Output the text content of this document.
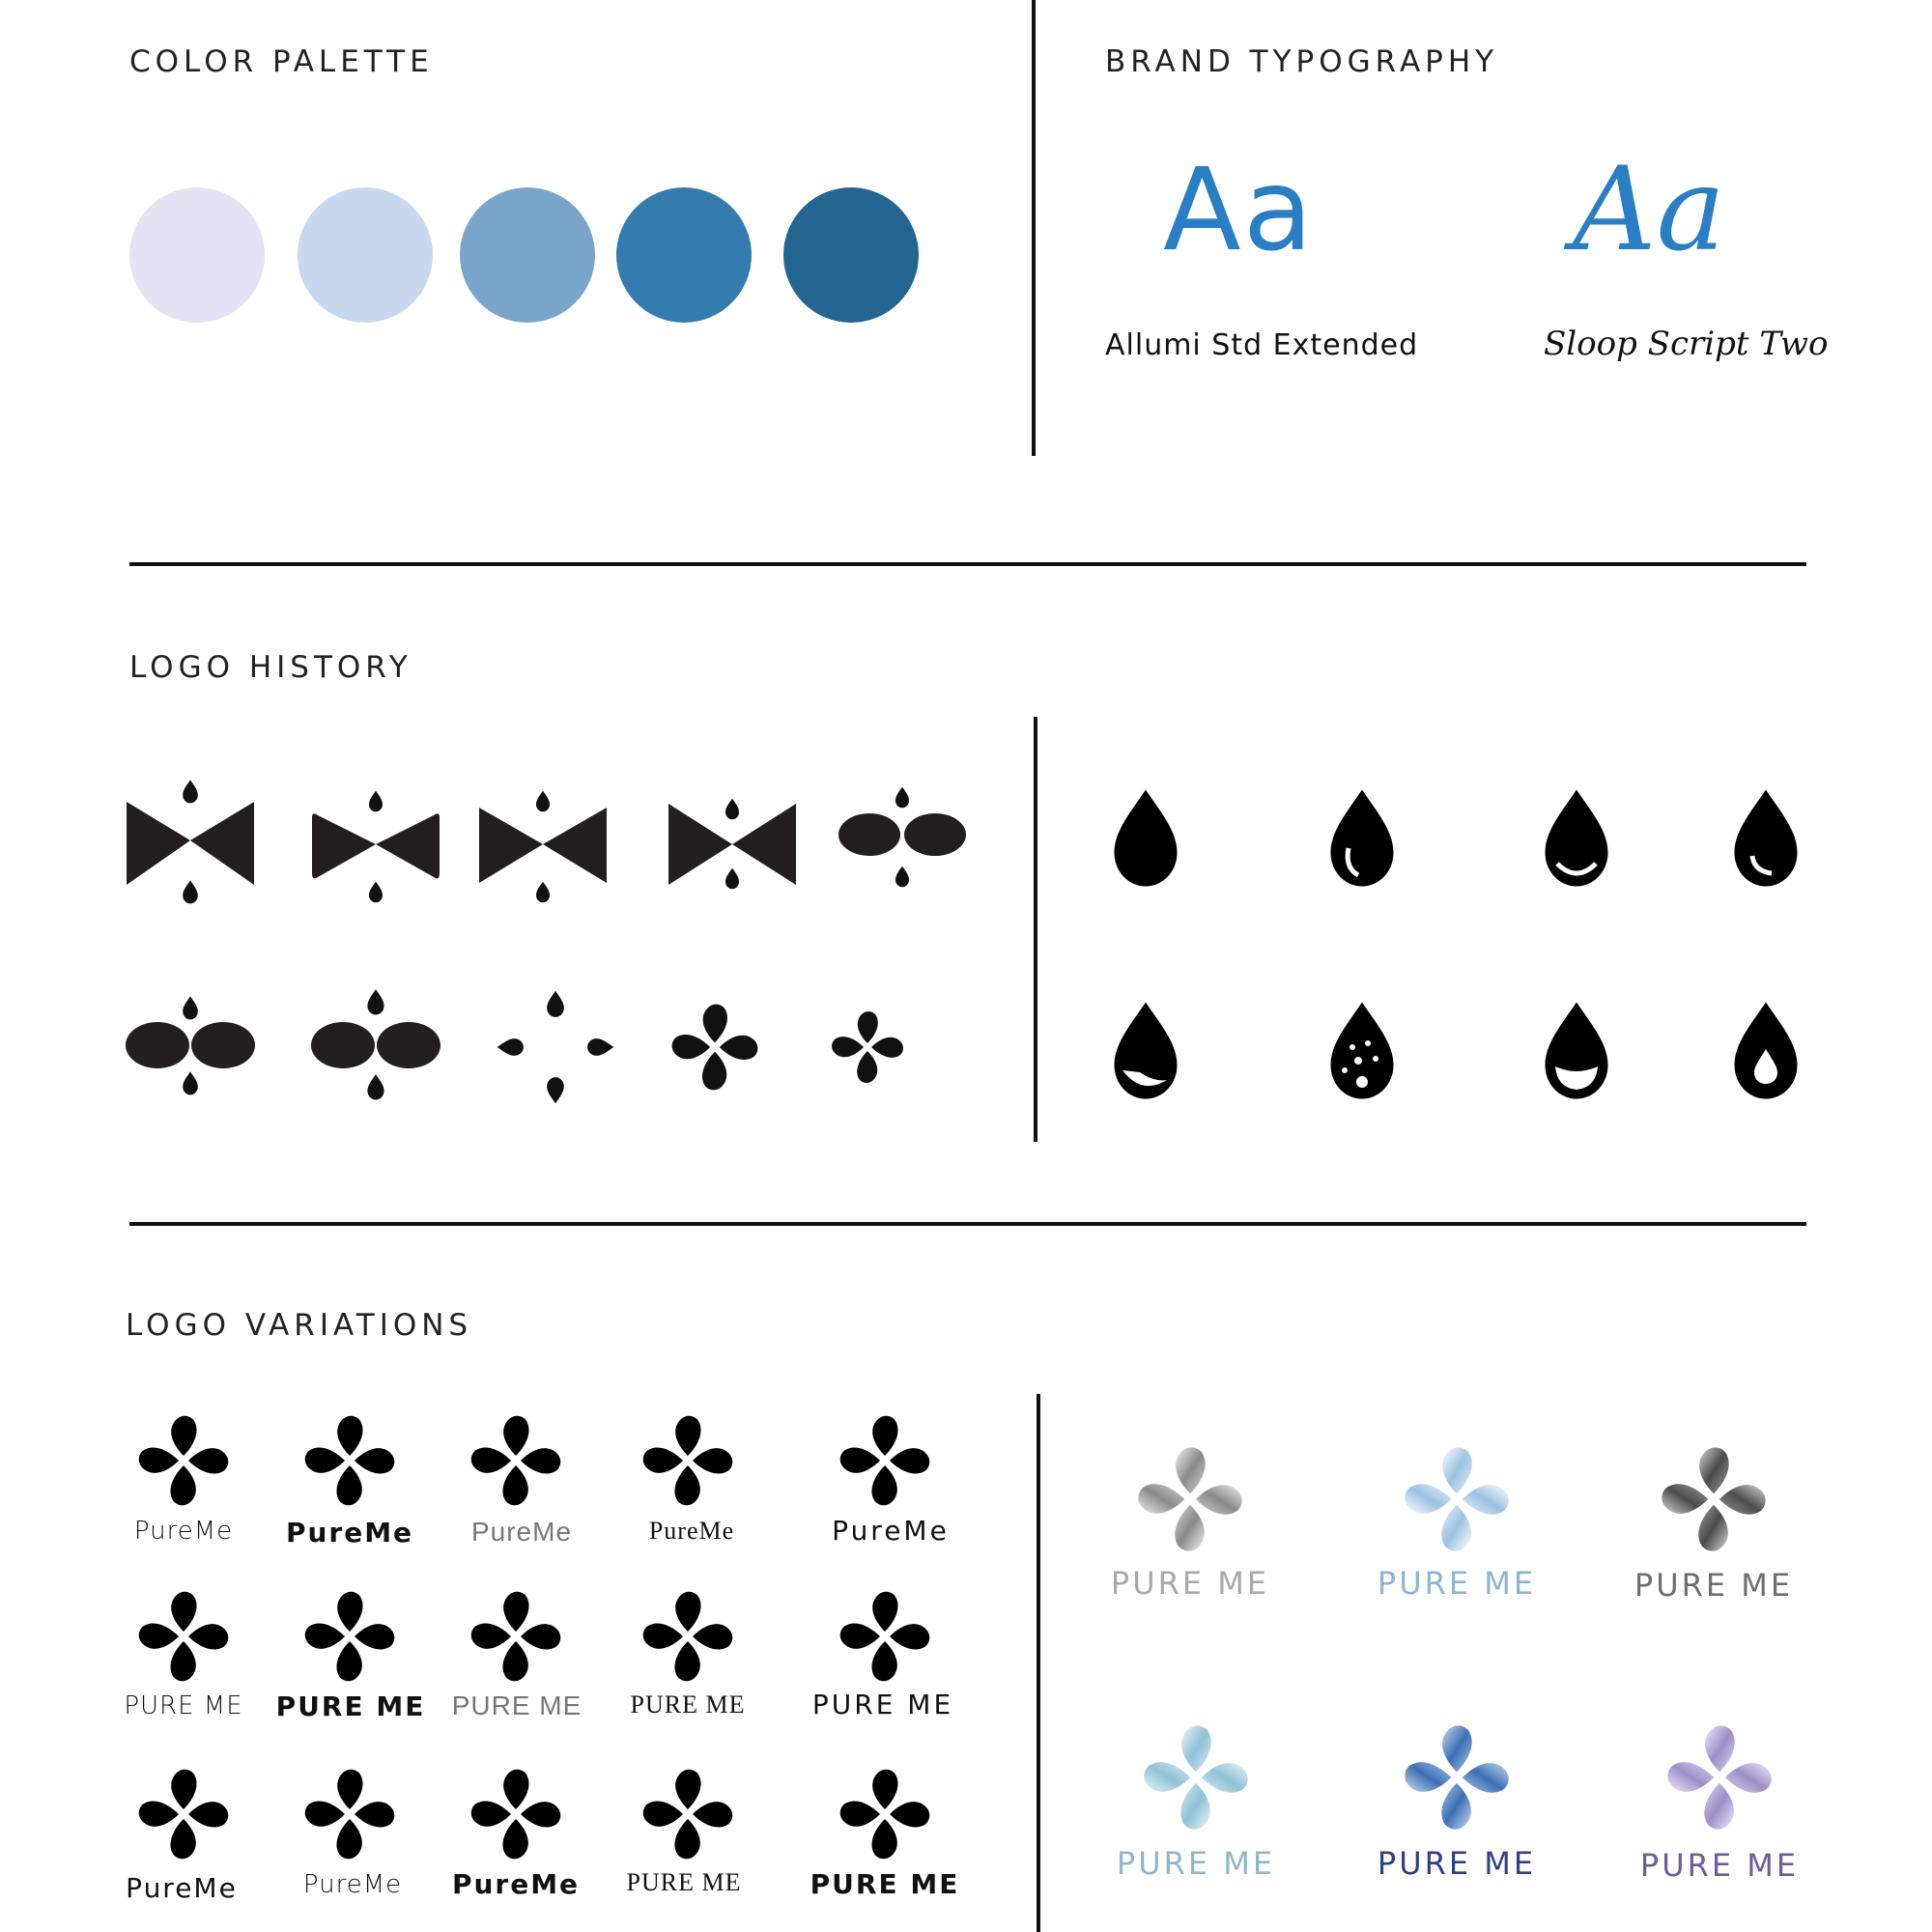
COLOR PALETTE	BRAND TYPOGRAPHY
LOGO HISTORY
LOGO VARIATIONS
Aa Aa
Allumi Std Extended	Sloop Script Two
PureMe	PureMe	PureMe	PureMe	PureMe
PURE ME PURE ME PURE ME	PURE ME	PURE ME
PureMe	PureMe	PureMe	PURE ME	PURE ME
PURE ME	PURE ME	PURE ME
PURE ME	PURE ME	PURE ME
